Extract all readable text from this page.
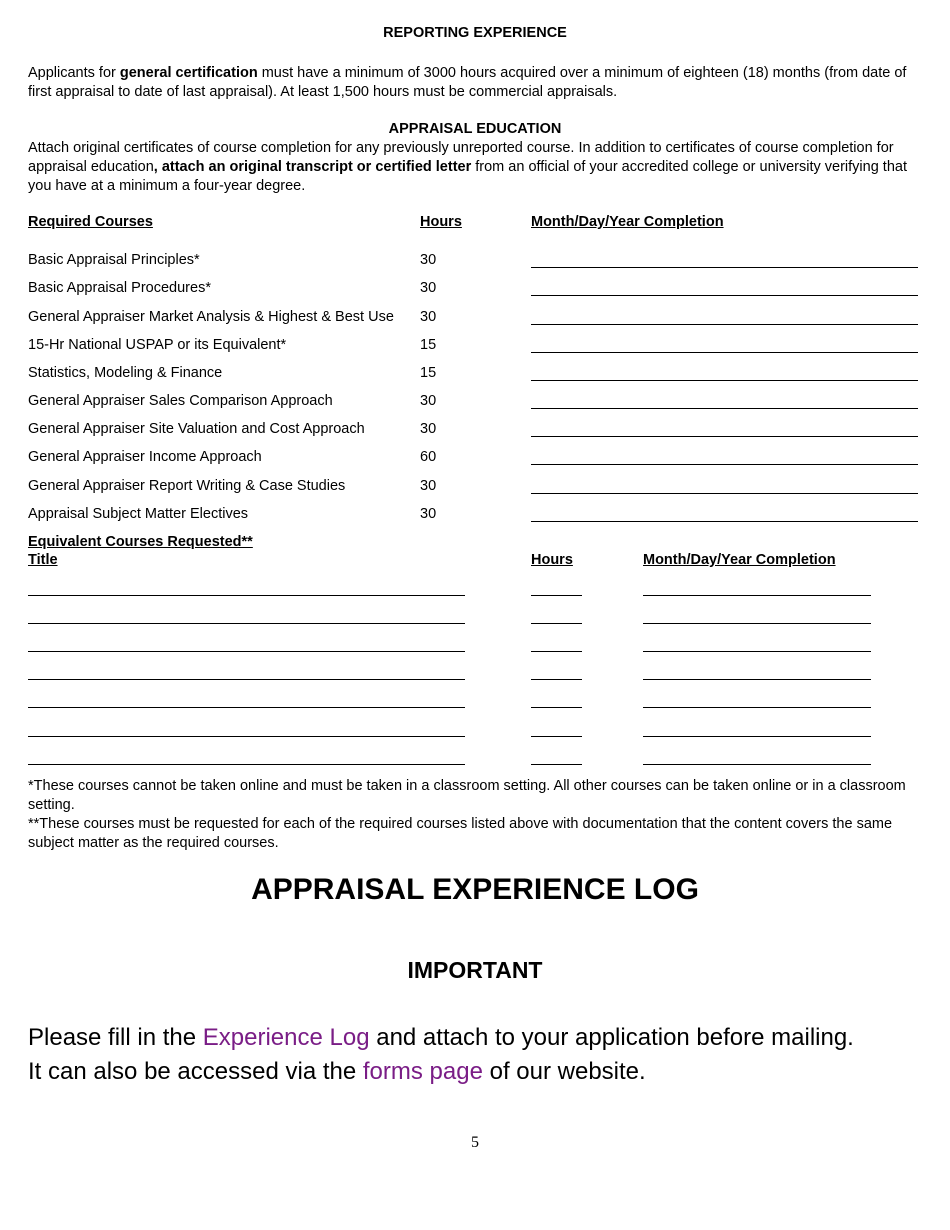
REPORTING EXPERIENCE
Applicants for general certification must have a minimum of 3000 hours acquired over a minimum of eighteen (18) months (from date of first appraisal to date of last appraisal). At least 1,500 hours must be commercial appraisals.
APPRAISAL EDUCATION
Attach original certificates of course completion for any previously unreported course. In addition to certificates of course completion for appraisal education, attach an original transcript or certified letter from an official of your accredited college or university verifying that you have at a minimum a four-year degree.
Required Courses	Hours	Month/Day/Year Completion
Basic Appraisal Principles*	30
Basic Appraisal Procedures*	30
General Appraiser Market Analysis & Highest & Best Use 30
15-Hr National USPAP or its Equivalent*	15
Statistics, Modeling & Finance	15
General Appraiser Sales Comparison Approach	30
General Appraiser Site Valuation and Cost Approach	30
General Appraiser Income Approach	60
General Appraiser Report Writing & Case Studies	30
Appraisal Subject Matter Electives	30
Equivalent Courses Requested**
Title	Hours	Month/Day/Year Completion
*These courses cannot be taken online and must be taken in a classroom setting. All other courses can be taken online or in a classroom setting.
**These courses must be requested for each of the required courses listed above with documentation that the content covers the same subject matter as the required courses.
APPRAISAL EXPERIENCE LOG
IMPORTANT
Please fill in the Experience Log and attach to your application before mailing.
It can also be accessed via the forms page of our website.
5
